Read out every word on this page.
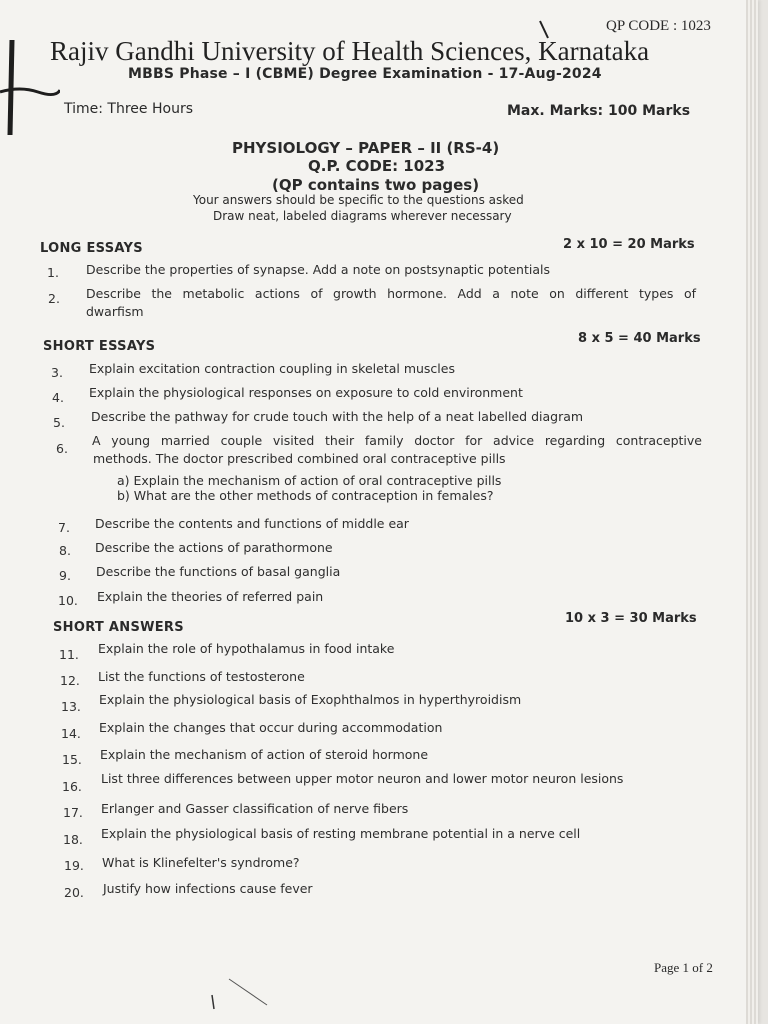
QP CODE : 1023
Rajiv Gandhi University of Health Sciences, Karnataka
MBBS Phase – I (CBME) Degree Examination - 17-Aug-2024
Time: Three Hours	Max. Marks: 100 Marks
PHYSIOLOGY – PAPER – II (RS-4)
Q.P. CODE: 1023
(QP contains two pages)
Your answers should be specific to the questions asked
Draw neat, labeled diagrams wherever necessary
LONG ESSAYS	2 x 10 = 20 Marks
1. Describe the properties of synapse. Add a note on postsynaptic potentials
2. Describe the metabolic actions of growth hormone. Add a note on different types of
dwarfism
SHORT ESSAYS
8 x 5 = 40 Marks
3. Explain excitation contraction coupling in skeletal muscles
4. Explain the physiological responses on exposure to cold environment
5. Describe the pathway for crude touch with the help of a neat labelled diagram
6.
A young married couple visited their family doctor for advice regarding contraceptive
methods. The doctor prescribed combined oral contraceptive pills
a) Explain the mechanism of action of oral contraceptive pills
b) What are the other methods of contraception in females?
7. Describe the contents and functions of middle ear
8. Describe the actions of parathormone
9. Describe the functions of basal ganglia
10. Explain the theories of referred pain
SHORT ANSWERS
10 x 3 = 30 Marks
11. Explain the role of hypothalamus in food intake
12. List the functions of testosterone
13. Explain the physiological basis of Exophthalmos in hyperthyroidism
14. Explain the changes that occur during accommodation
15. Explain the mechanism of action of steroid hormone
16.
List three differences between upper motor neuron and lower motor neuron lesions
17. Erlanger and Gasser classification of nerve fibers
18. Explain the physiological basis of resting membrane potential in a nerve cell
19. What is Klinefelter's syndrome?
20. Justify how infections cause fever
Page 1 of 2
